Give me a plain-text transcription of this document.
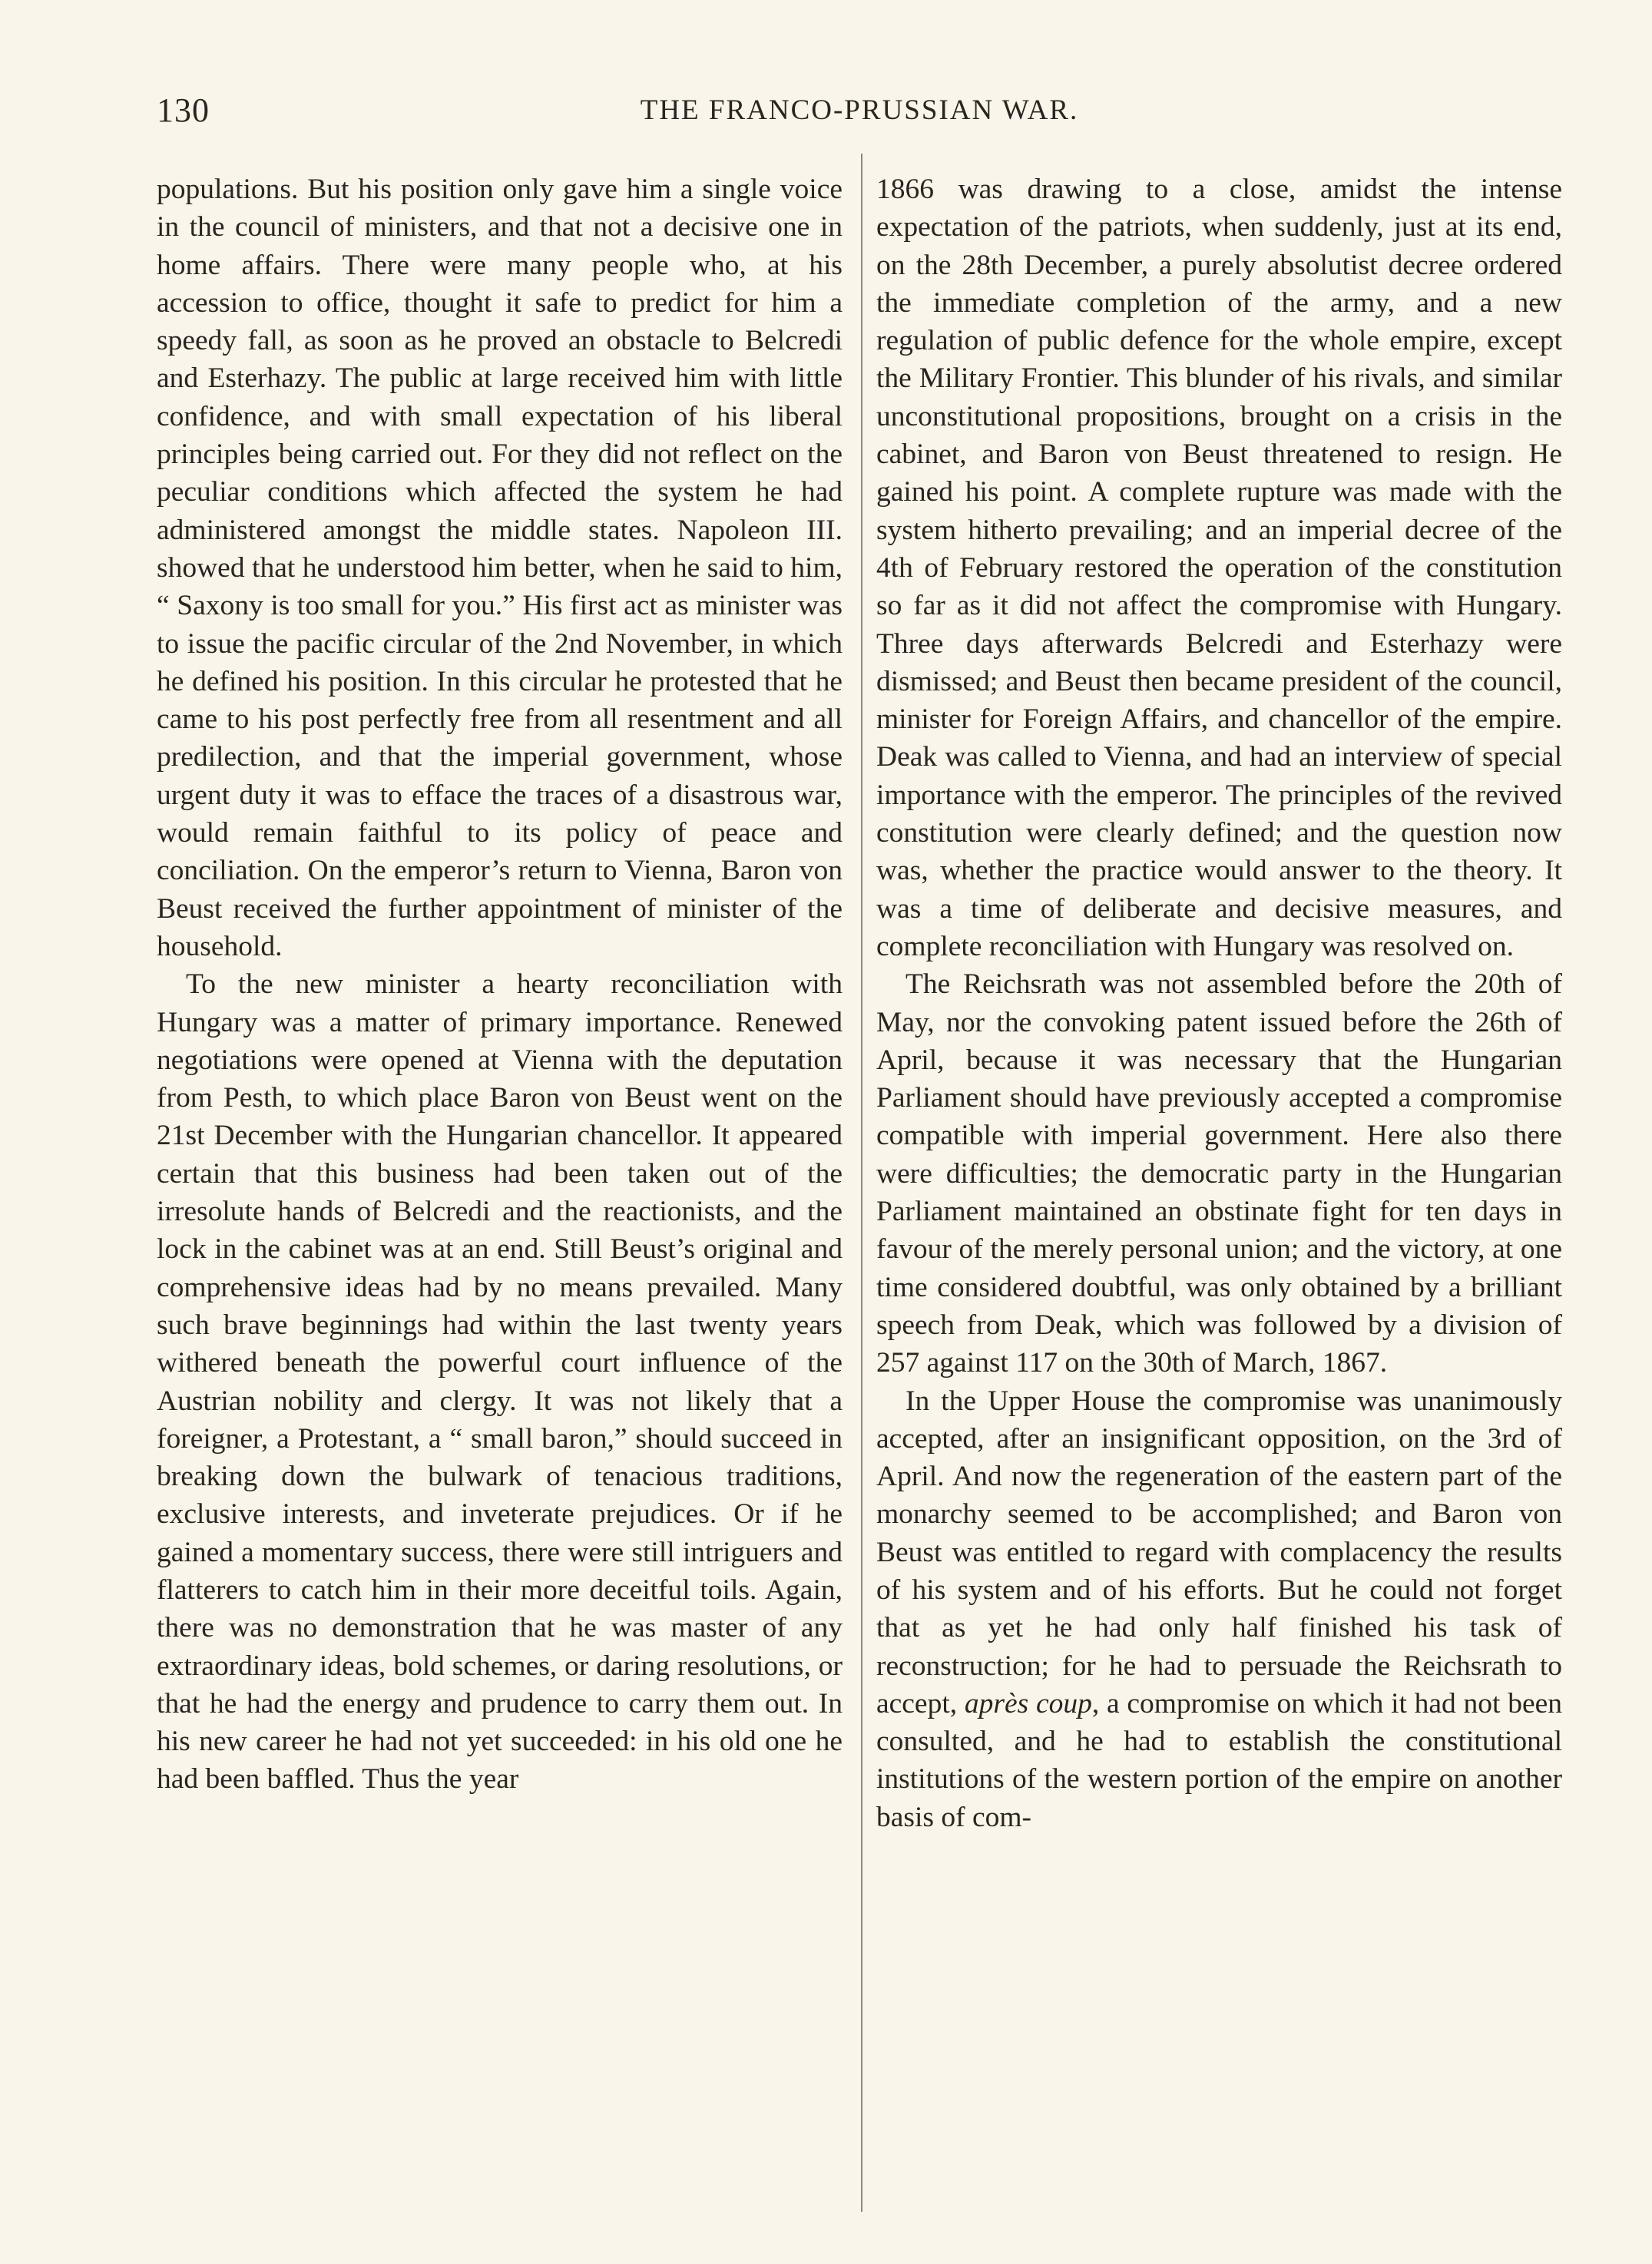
130	THE FRANCO-PRUSSIAN WAR.

populations. But his position only gave him a single voice in the council of ministers, and that not a decisive one in home affairs. There were many people who, at his accession to office, thought it safe to predict for him a speedy fall, as soon as he proved an obstacle to Belcredi and Esterhazy. The public at large received him with little confidence, and with small expectation of his liberal principles being carried out. For they did not reflect on the peculiar conditions which affected the system he had administered amongst the middle states. Napoleon III. showed that he understood him better, when he said to him, “ Saxony is too small for you.” His first act as minister was to issue the pacific circular of the 2nd November, in which he defined his position. In this circular he protested that he came to his post perfectly free from all resentment and all predilection, and that the imperial government, whose urgent duty it was to efface the traces of a disastrous war, would remain faithful to its policy of peace and conciliation. On the emperor’s return to Vienna, Baron von Beust received the further appointment of minister of the household.

To the new minister a hearty reconciliation with Hungary was a matter of primary importance. Renewed negotiations were opened at Vienna with the deputation from Pesth, to which place Baron von Beust went on the 21st December with the Hungarian chancellor. It appeared certain that this business had been taken out of the irresolute hands of Belcredi and the reactionists, and the lock in the cabinet was at an end. Still Beust’s original and comprehensive ideas had by no means prevailed. Many such brave beginnings had within the last twenty years withered beneath the powerful court influence of the Austrian nobility and clergy. It was not likely that a foreigner, a Protestant, a “ small baron,” should succeed in breaking down the bulwark of tenacious traditions, exclusive interests, and inveterate prejudices. Or if he gained a momentary success, there were still intriguers and flatterers to catch him in their more deceitful toils. Again, there was no demonstration that he was master of any extraordinary ideas, bold schemes, or daring resolutions, or that he had the energy and prudence to carry them out. In his new career he had not yet succeeded: in his old one he had been baffled. Thus the year

1866 was drawing to a close, amidst the intense expectation of the patriots, when suddenly, just at its end, on the 28th December, a purely absolutist decree ordered the immediate completion of the army, and a new regulation of public defence for the whole empire, except the Military Frontier. This blunder of his rivals, and similar unconstitutional propositions, brought on a crisis in the cabinet, and Baron von Beust threatened to resign. He gained his point. A complete rupture was made with the system hitherto prevailing; and an imperial decree of the 4th of February restored the operation of the constitution so far as it did not affect the compromise with Hungary. Three days afterwards Belcredi and Esterhazy were dismissed; and Beust then became president of the council, minister for Foreign Affairs, and chancellor of the empire. Deak was called to Vienna, and had an interview of special importance with the emperor. The principles of the revived constitution were clearly defined; and the question now was, whether the practice would answer to the theory. It was a time of deliberate and decisive measures, and complete reconciliation with Hungary was resolved on.

The Reichsrath was not assembled before the 20th of May, nor the convoking patent issued before the 26th of April, because it was necessary that the Hungarian Parliament should have previously accepted a compromise compatible with imperial government. Here also there were difficulties; the democratic party in the Hungarian Parliament maintained an obstinate fight for ten days in favour of the merely personal union; and the victory, at one time considered doubtful, was only obtained by a brilliant speech from Deak, which was followed by a division of 257 against 117 on the 30th of March, 1867.

In the Upper House the compromise was unanimously accepted, after an insignificant opposition, on the 3rd of April. And now the regeneration of the eastern part of the monarchy seemed to be accomplished; and Baron von Beust was entitled to regard with complacency the results of his system and of his efforts. But he could not forget that as yet he had only half finished his task of reconstruction; for he had to persuade the Reichsrath to accept, après coup, a compromise on which it had not been consulted, and he had to establish the constitutional institutions of the western portion of the empire on another basis of com-
